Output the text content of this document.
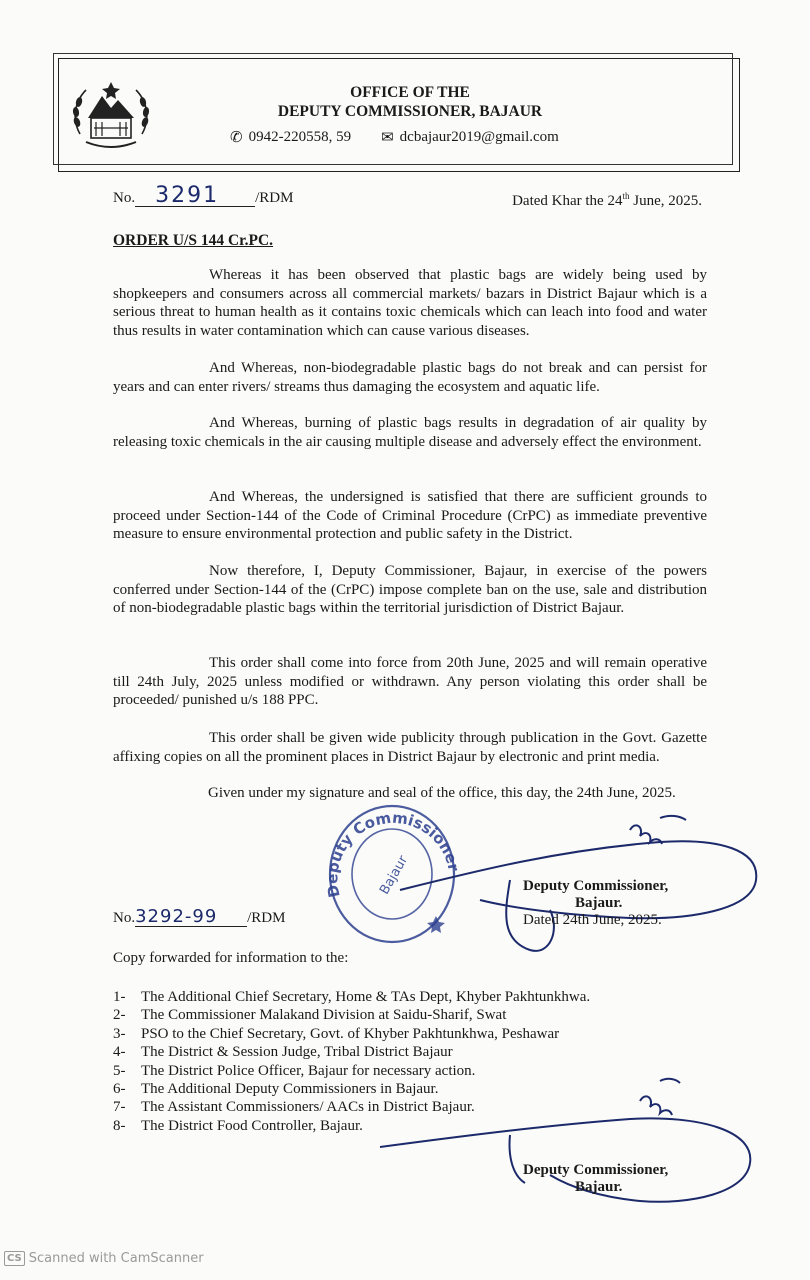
OFFICE OF THE
DEPUTY COMMISSIONER, BAJAUR
✆ 0942-220558, 59 ✉ dcbajaur2019@gmail.com
No. 3291 /RDM	Dated Khar the 24th June, 2025.
ORDER U/S 144 Cr.PC.

Whereas it has been observed that plastic bags are widely being used by shopkeepers and consumers across all commercial markets/ bazars in District Bajaur which is a serious threat to human health as it contains toxic chemicals which can leach into food and water thus results in water contamination which can cause various diseases.

And Whereas, non-biodegradable plastic bags do not break and can persist for years and can enter rivers/ streams thus damaging the ecosystem and aquatic life.

And Whereas, burning of plastic bags results in degradation of air quality by releasing toxic chemicals in the air causing multiple disease and adversely effect the environment.

And Whereas, the undersigned is satisfied that there are sufficient grounds to proceed under Section-144 of the Code of Criminal Procedure (CrPC) as immediate preventive measure to ensure environmental protection and public safety in the District.

Now therefore, I, Deputy Commissioner, Bajaur, in exercise of the powers conferred under Section-144 of the (CrPC) impose complete ban on the use, sale and distribution of non-biodegradable plastic bags within the territorial jurisdiction of District Bajaur.

This order shall come into force from 20th June, 2025 and will remain operative till 24th July, 2025 unless modified or withdrawn. Any person violating this order shall be proceeded/ punished u/s 188 PPC.

This order shall be given wide publicity through publication in the Govt. Gazette affixing copies on all the prominent places in District Bajaur by electronic and print media.

Given under my signature and seal of the office, this day, the 24th June, 2025.
Deputy Commissioner
Bajaur	Deputy Commissioner,
Bajaur.
Dated 24th June, 2025.
No.3292-99 /RDM
Copy forwarded for information to the:
1-	The Additional Chief Secretary, Home & TAs Dept, Khyber Pakhtunkhwa.
2-	The Commissioner Malakand Division at Saidu-Sharif, Swat
3-	PSO to the Chief Secretary, Govt. of Khyber Pakhtunkhwa, Peshawar
4-	The District & Session Judge, Tribal District Bajaur
5-	The District Police Officer, Bajaur for necessary action.
6-	The Additional Deputy Commissioners in Bajaur.
7-	The Assistant Commissioners/ AACs in District Bajaur.
8-	The District Food Controller, Bajaur.
Deputy Commissioner,
Bajaur.
CS Scanned with CamScanner
